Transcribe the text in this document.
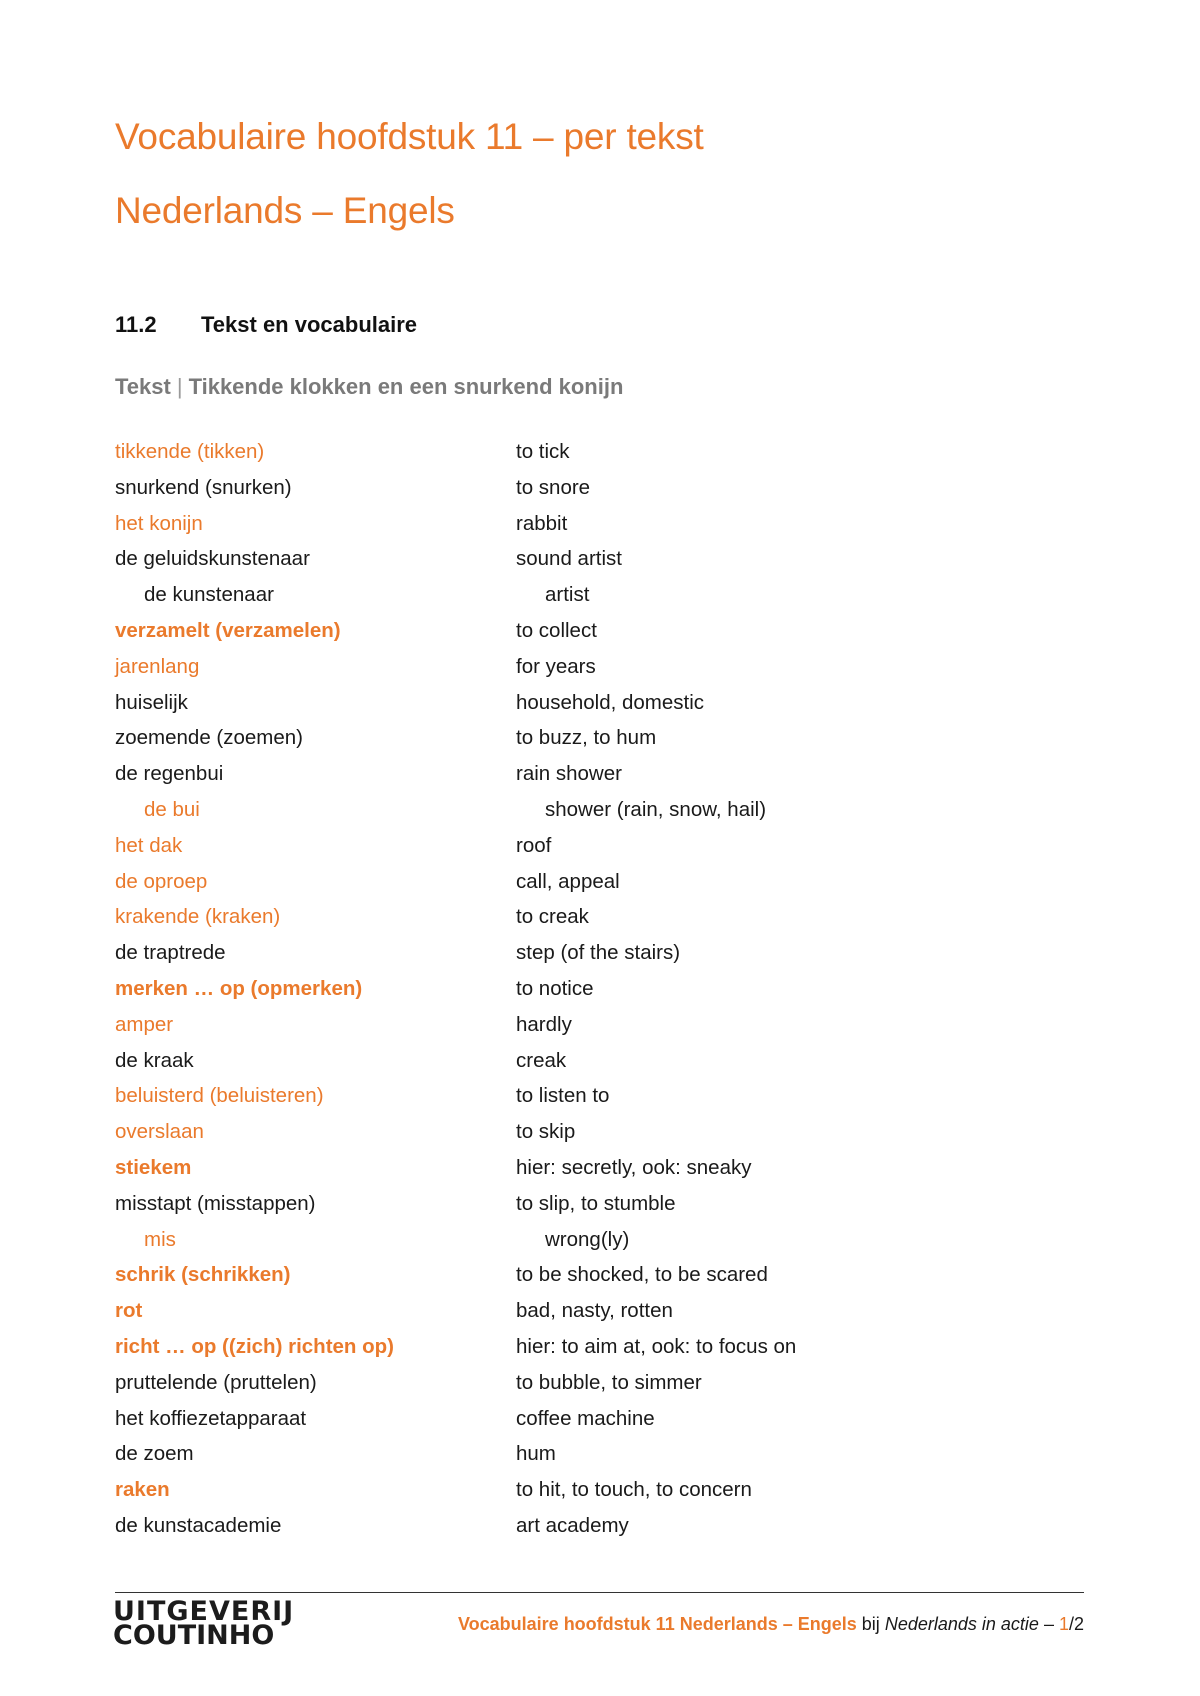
Vocabulaire hoofdstuk 11 – per tekst
Nederlands – Engels
11.2 Tekst en vocabulaire
Tekst | Tikkende klokken en een snurkend konijn
tikkende (tikken)	to tick
snurkend (snurken)	to snore
het konijn	rabbit
de geluidskunstenaar	sound artist
de kunstenaar	artist
verzamelt (verzamelen)	to collect
jarenlang	for years
huiselijk	household, domestic
zoemende (zoemen)	to buzz, to hum
de regenbui	rain shower
de bui	shower (rain, snow, hail)
het dak	roof
de oproep	call, appeal
krakende (kraken)	to creak
de traptrede	step (of the stairs)
merken … op (opmerken)	to notice
amper	hardly
de kraak	creak
beluisterd (beluisteren)	to listen to
overslaan	to skip
stiekem	hier: secretly, ook: sneaky
misstapt (misstappen)	to slip, to stumble
mis	wrong(ly)
schrik (schrikken)	to be shocked, to be scared
rot	bad, nasty, rotten
richt … op ((zich) richten op)	hier: to aim at, ook: to focus on
pruttelende (pruttelen)	to bubble, to simmer
het koffiezetapparaat	coffee machine
de zoem	hum
raken	to hit, to touch, to concern
de kunstacademie	art academy
UITGEVERIJ
COUTINHO	Vocabulaire hoofdstuk 11 Nederlands – Engels bij Nederlands in actie – 1/2
